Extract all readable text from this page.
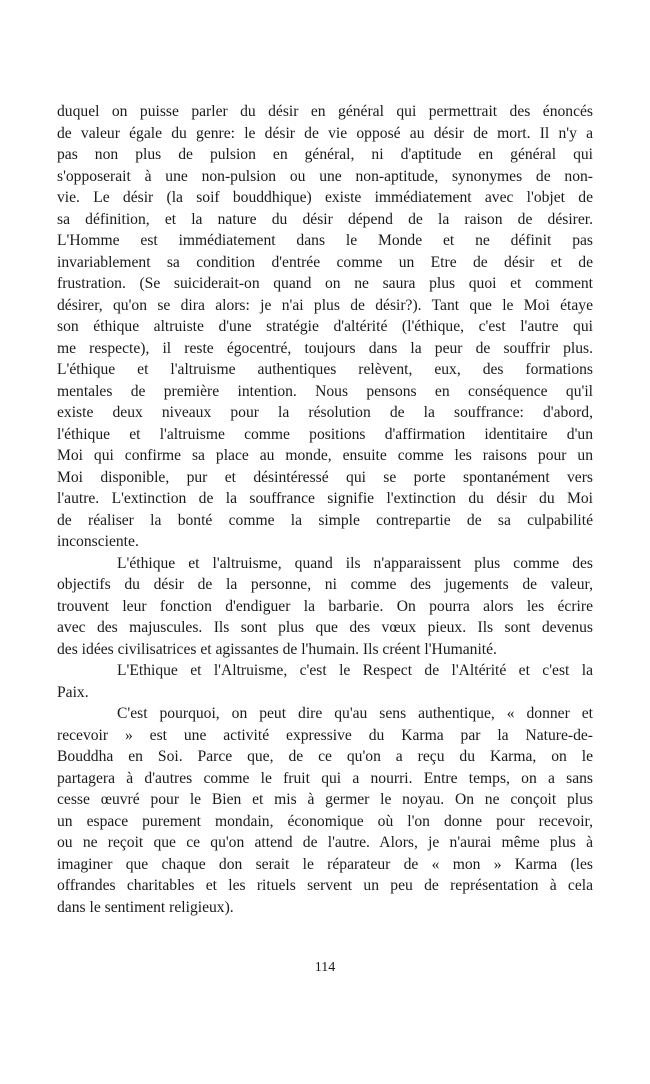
duquel on puisse parler du désir en général qui permettrait des énoncés
de valeur égale du genre: le désir de vie opposé au désir de mort. Il n'y a
pas non plus de pulsion en général, ni d'aptitude en général qui
s'opposerait à une non-pulsion ou une non-aptitude, synonymes de non-
vie. Le désir (la soif bouddhique) existe immédiatement avec l'objet de
sa définition, et la nature du désir dépend de la raison de désirer.
L'Homme est immédiatement dans le Monde et ne définit pas
invariablement sa condition d'entrée comme un Etre de désir et de
frustration. (Se suiciderait-on quand on ne saura plus quoi et comment
désirer, qu'on se dira alors: je n'ai plus de désir?). Tant que le Moi étaye
son éthique altruiste d'une stratégie d'altérité (l'éthique, c'est l'autre qui
me respecte), il reste égocentré, toujours dans la peur de souffrir plus.
L'éthique et l'altruisme authentiques relèvent, eux, des formations
mentales de première intention. Nous pensons en conséquence qu'il
existe deux niveaux pour la résolution de la souffrance: d'abord,
l'éthique et l'altruisme comme positions d'affirmation identitaire d'un
Moi qui confirme sa place au monde, ensuite comme les raisons pour un
Moi disponible, pur et désintéressé qui se porte spontanément vers
l'autre. L'extinction de la souffrance signifie l'extinction du désir du Moi
de réaliser la bonté comme la simple contrepartie de sa culpabilité
inconsciente.
L'éthique et l'altruisme, quand ils n'apparaissent plus comme des
objectifs du désir de la personne, ni comme des jugements de valeur,
trouvent leur fonction d'endiguer la barbarie. On pourra alors les écrire
avec des majuscules. Ils sont plus que des vœux pieux. Ils sont devenus
des idées civilisatrices et agissantes de l'humain. Ils créent l'Humanité.
L'Ethique et l'Altruisme, c'est le Respect de l'Altérité et c'est la
Paix.
C'est pourquoi, on peut dire qu'au sens authentique, « donner et
recevoir » est une activité expressive du Karma par la Nature-de-
Bouddha en Soi. Parce que, de ce qu'on a reçu du Karma, on le
partagera à d'autres comme le fruit qui a nourri. Entre temps, on a sans
cesse œuvré pour le Bien et mis à germer le noyau. On ne conçoit plus
un espace purement mondain, économique où l'on donne pour recevoir,
ou ne reçoit que ce qu'on attend de l'autre. Alors, je n'aurai même plus à
imaginer que chaque don serait le réparateur de « mon » Karma (les
offrandes charitables et les rituels servent un peu de représentation à cela
dans le sentiment religieux).
114
